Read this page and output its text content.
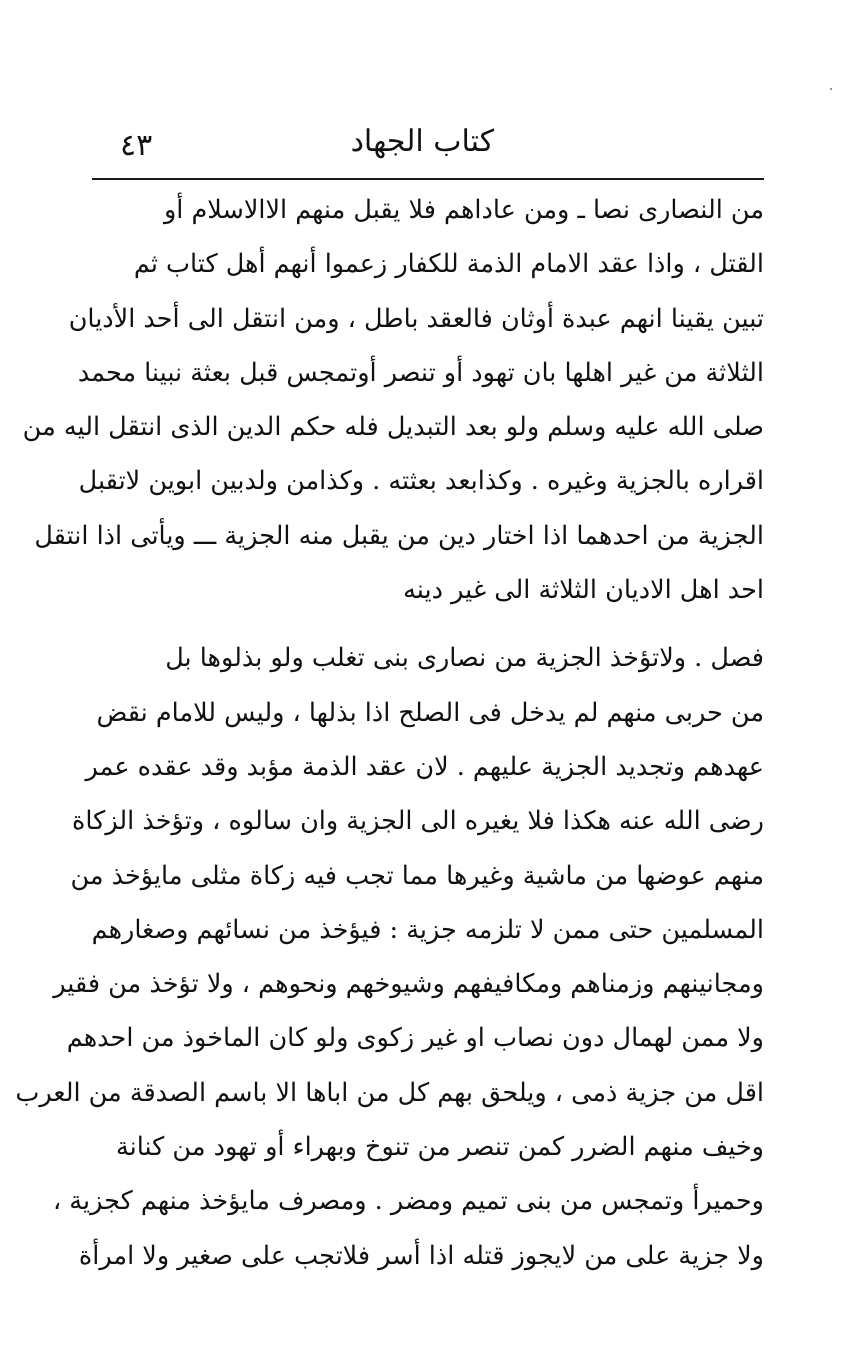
كتاب الجهاد
٤٣
من النصارى نصا ـ ومن عاداهم فلا يقبل منهم الاالاسلام أو
القتل ، واذا عقد الامام الذمة للكفار زعموا أنهم أهل كتاب ثم
تبين يقينا انهم عبدة أوثان فالعقد باطل ، ومن انتقل الى أحد الأديان
الثلاثة من غير اهلها بان تهود أو تنصر أوتمجس قبل بعثة نبينا محمد
صلى الله عليه وسلم ولو بعد التبديل فله حكم الدين الذى انتقل اليه من
اقراره بالجزية وغيره . وكذابعد بعثته . وكذامن ولدبين ابوين لاتقبل
الجزية من احدهما اذا اختار دين من يقبل منه الجزية ـــ ويأتى اذا انتقل
احد اهل الاديان الثلاثة الى غير دينه
فصل . ولاتؤخذ الجزية من نصارى بنى تغلب ولو بذلوها بل
من حربى منهم لم يدخل فى الصلح اذا بذلها ، وليس للامام نقض
عهدهم وتجديد الجزية عليهم . لان عقد الذمة مؤبد وقد عقده عمر
رضى الله عنه هكذا فلا يغيره الى الجزية وان سالوه ، وتؤخذ الزكاة
منهم عوضها من ماشية وغيرها مما تجب فيه زكاة مثلى مايؤخذ من
المسلمين حتى ممن لا تلزمه جزية : فيؤخذ من نسائهم وصغارهم
ومجانينهم وزمناهم ومكافيفهم وشيوخهم ونحوهم ، ولا تؤخذ من فقير
ولا ممن لهمال دون نصاب او غير زكوى ولو كان الماخوذ من احدهم
اقل من جزية ذمى ، ويلحق بهم كل من اباها الا باسم الصدقة من العرب
وخيف منهم الضرر كمن تنصر من تنوخ وبهراء أو تهود من كنانة
وحميرأ وتمجس من بنى تميم ومضر . ومصرف مايؤخذ منهم كجزية ،
ولا جزية على من لايجوز قتله اذا أسر فلاتجب على صغير ولا امرأة
